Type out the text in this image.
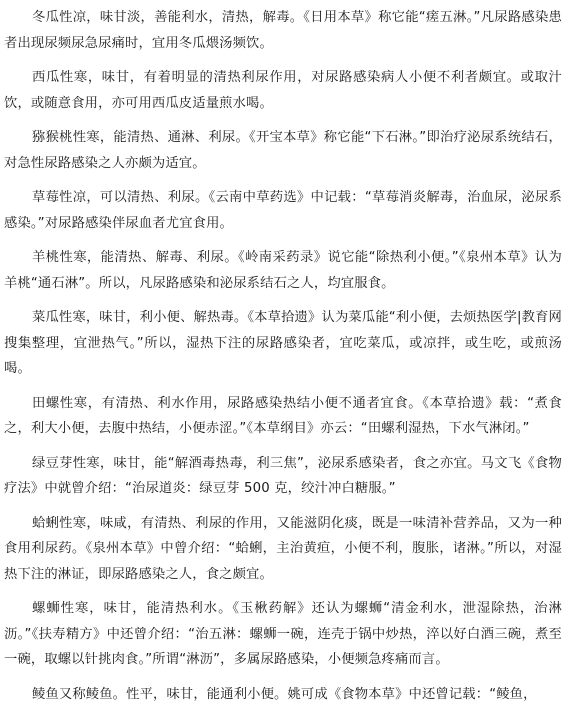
冬瓜性凉，味甘淡，善能利水，清热，解毒。《日用本草》称它能“瘥五淋。”凡尿路感染患者出现尿频尿急尿痛时，宜用冬瓜煨汤频饮。

西瓜性寒，味甘，有着明显的清热利尿作用，对尿路感染病人小便不利者颇宜。或取汁饮，或随意食用，亦可用西瓜皮适量煎水喝。

猕猴桃性寒，能清热、通淋、利尿。《开宝本草》称它能“下石淋。”即治疗泌尿系统结石，对急性尿路感染之人亦颇为适宜。

草莓性凉，可以清热、利尿。《云南中草药选》中记载：“草莓消炎解毒，治血尿，泌尿系感染。”对尿路感染伴尿血者尤宜食用。

羊桃性寒，能清热、解毒、利尿。《岭南采药录》说它能“除热利小便。”《泉州本草》认为羊桃“通石淋”。所以，凡尿路感染和泌尿系结石之人，均宜服食。

菜瓜性寒，味甘，利小便、解热毒。《本草拾遗》认为菜瓜能“利小便，去烦热医学|教育网搜集整理，宜泄热气。”所以，湿热下注的尿路感染者，宜吃菜瓜，或凉拌，或生吃，或煎汤喝。

田螺性寒，有清热、利水作用，尿路感染热结小便不通者宜食。《本草拾遗》载：“煮食之，利大小便，去腹中热结，小便赤涩。”《本草纲目》亦云：“田螺利湿热，下水气淋闭。”

绿豆芽性寒，味甘，能“解酒毒热毒，利三焦”，泌尿系感染者，食之亦宜。马文飞《食物疗法》中就曾介绍：“治尿道炎：绿豆芽 500 克，绞汁冲白糖服。”

蛤蜊性寒，味咸，有清热、利尿的作用，又能滋阴化痰，既是一味清补营养品，又为一种食用利尿药。《泉州本草》中曾介绍：“蛤蜊，主治黄疸，小便不利，腹胀，诸淋。”所以，对湿热下注的淋证，即尿路感染之人，食之颇宜。

螺蛳性寒，味甘，能清热利水。《玉楸药解》还认为螺蛳“清金利水，泄湿除热，治淋沥。”《扶寿精方》中还曾介绍：“治五淋：螺蛳一碗，连壳于锅中炒热，淬以好白酒三碗，煮至一碗，取螺以针挑肉食。”所谓“淋沥”，多属尿路感染，小便频急疼痛而言。

鲮鱼又称鲮鱼。性平，味甘，能通利小便。姚可成《食物本草》中还曾记载：“鲮鱼，
